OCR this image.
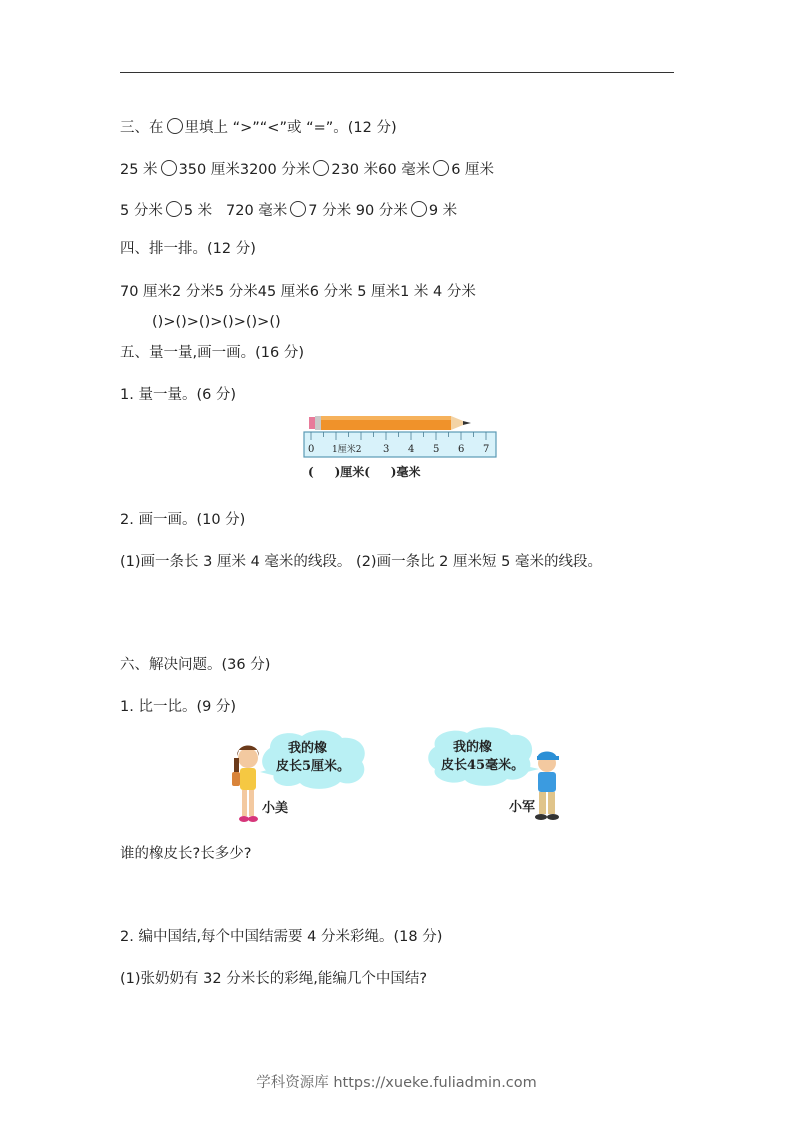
三、在 里填上 “>”“<”或 “=”。(12 分)
25 米 350 厘米3200 分米 230 米60 毫米 6 厘米
5 分米 5 米   720 毫米 7 分米 90 分米 9 米
四、排一排。(12 分)
70 厘米2 分米5 分米45 厘米6 分米 5 厘米1 米 4 分米
()>()>()>()>()>()
五、量一量,画一画。(16 分)
1. 量一量。(6 分)
0 1厘米2 3 4 5 6 7
(     )厘米(     )毫米
2. 画一画。(10 分)
(1)画一条长 3 厘米 4 毫米的线段。 (2)画一条比 2 厘米短 5 毫米的线段。
六、解决问题。(36 分)
1. 比一比。(9 分)
我的橡
皮长5厘米。
小美
我的橡
皮长45毫米。
小军
谁的橡皮长?长多少?
2. 编中国结,每个中国结需要 4 分米彩绳。(18 分)
(1)张奶奶有 32 分米长的彩绳,能编几个中国结?
学科资源库 https://xueke.fuliadmin.com
